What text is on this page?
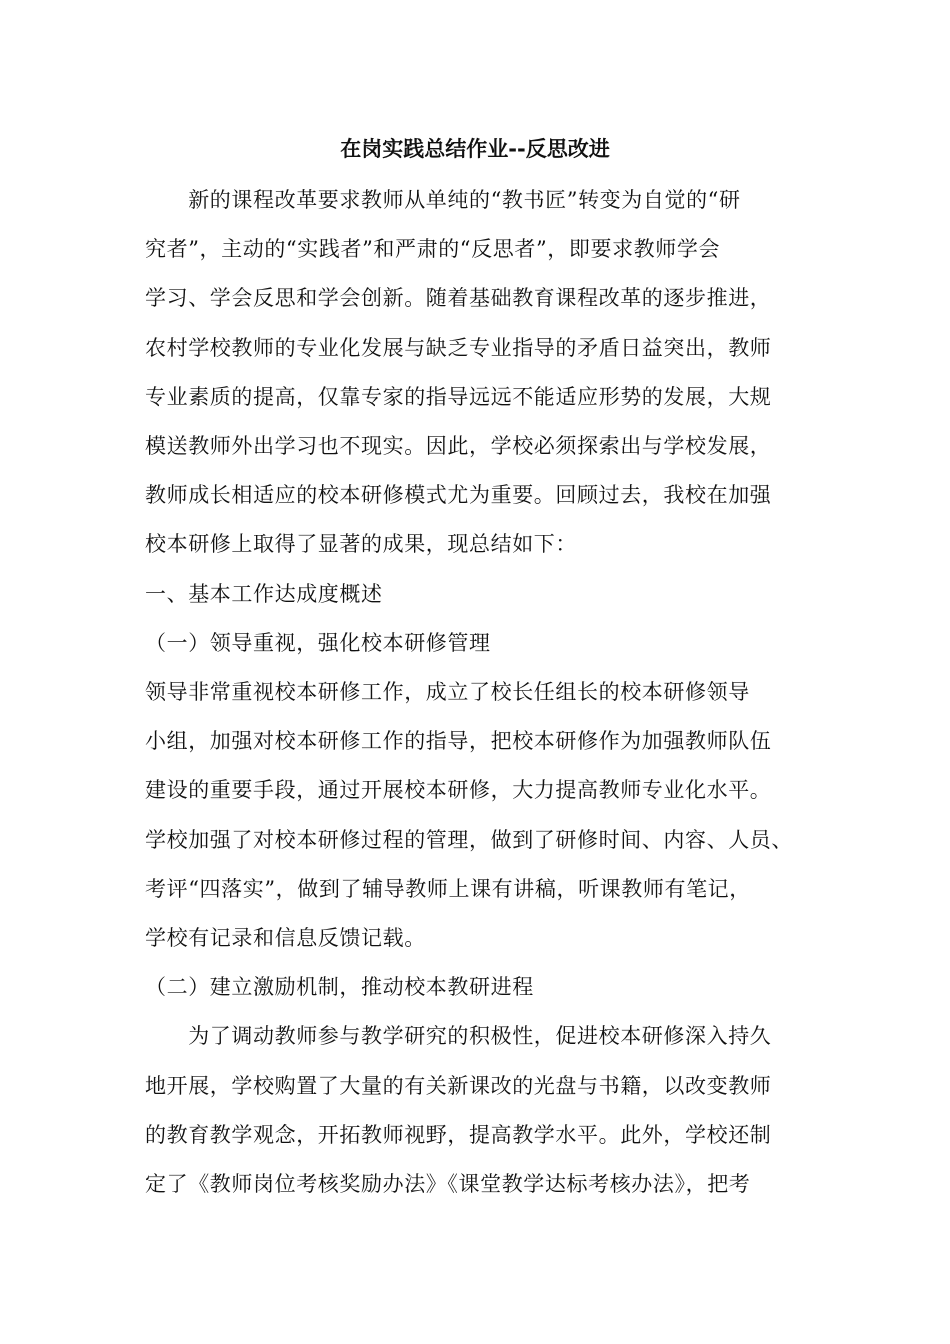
在岗实践总结作业--反思改进
　　新的课程改革要求教师从单纯的“教书匠”转变为自觉的“研
究者”，主动的“实践者”和严肃的“反思者”，即要求教师学会
学习、学会反思和学会创新。随着基础教育课程改革的逐步推进，
农村学校教师的专业化发展与缺乏专业指导的矛盾日益突出，教师
专业素质的提高，仅靠专家的指导远远不能适应形势的发展，大规
模送教师外出学习也不现实。因此，学校必须探索出与学校发展，
教师成长相适应的校本研修模式尤为重要。回顾过去，我校在加强
校本研修上取得了显著的成果，现总结如下：
一、基本工作达成度概述
（一）领导重视，强化校本研修管理
领导非常重视校本研修工作，成立了校长任组长的校本研修领导
小组，加强对校本研修工作的指导，把校本研修作为加强教师队伍
建设的重要手段，通过开展校本研修，大力提高教师专业化水平。
学校加强了对校本研修过程的管理，做到了研修时间、内容、人员、
考评“四落实”，做到了辅导教师上课有讲稿，听课教师有笔记，
学校有记录和信息反馈记载。
（二）建立激励机制，推动校本教研进程
　　为了调动教师参与教学研究的积极性，促进校本研修深入持久
地开展，学校购置了大量的有关新课改的光盘与书籍，以改变教师
的教育教学观念，开拓教师视野，提高教学水平。此外，学校还制
定了《教师岗位考核奖励办法》《课堂教学达标考核办法》，把考
